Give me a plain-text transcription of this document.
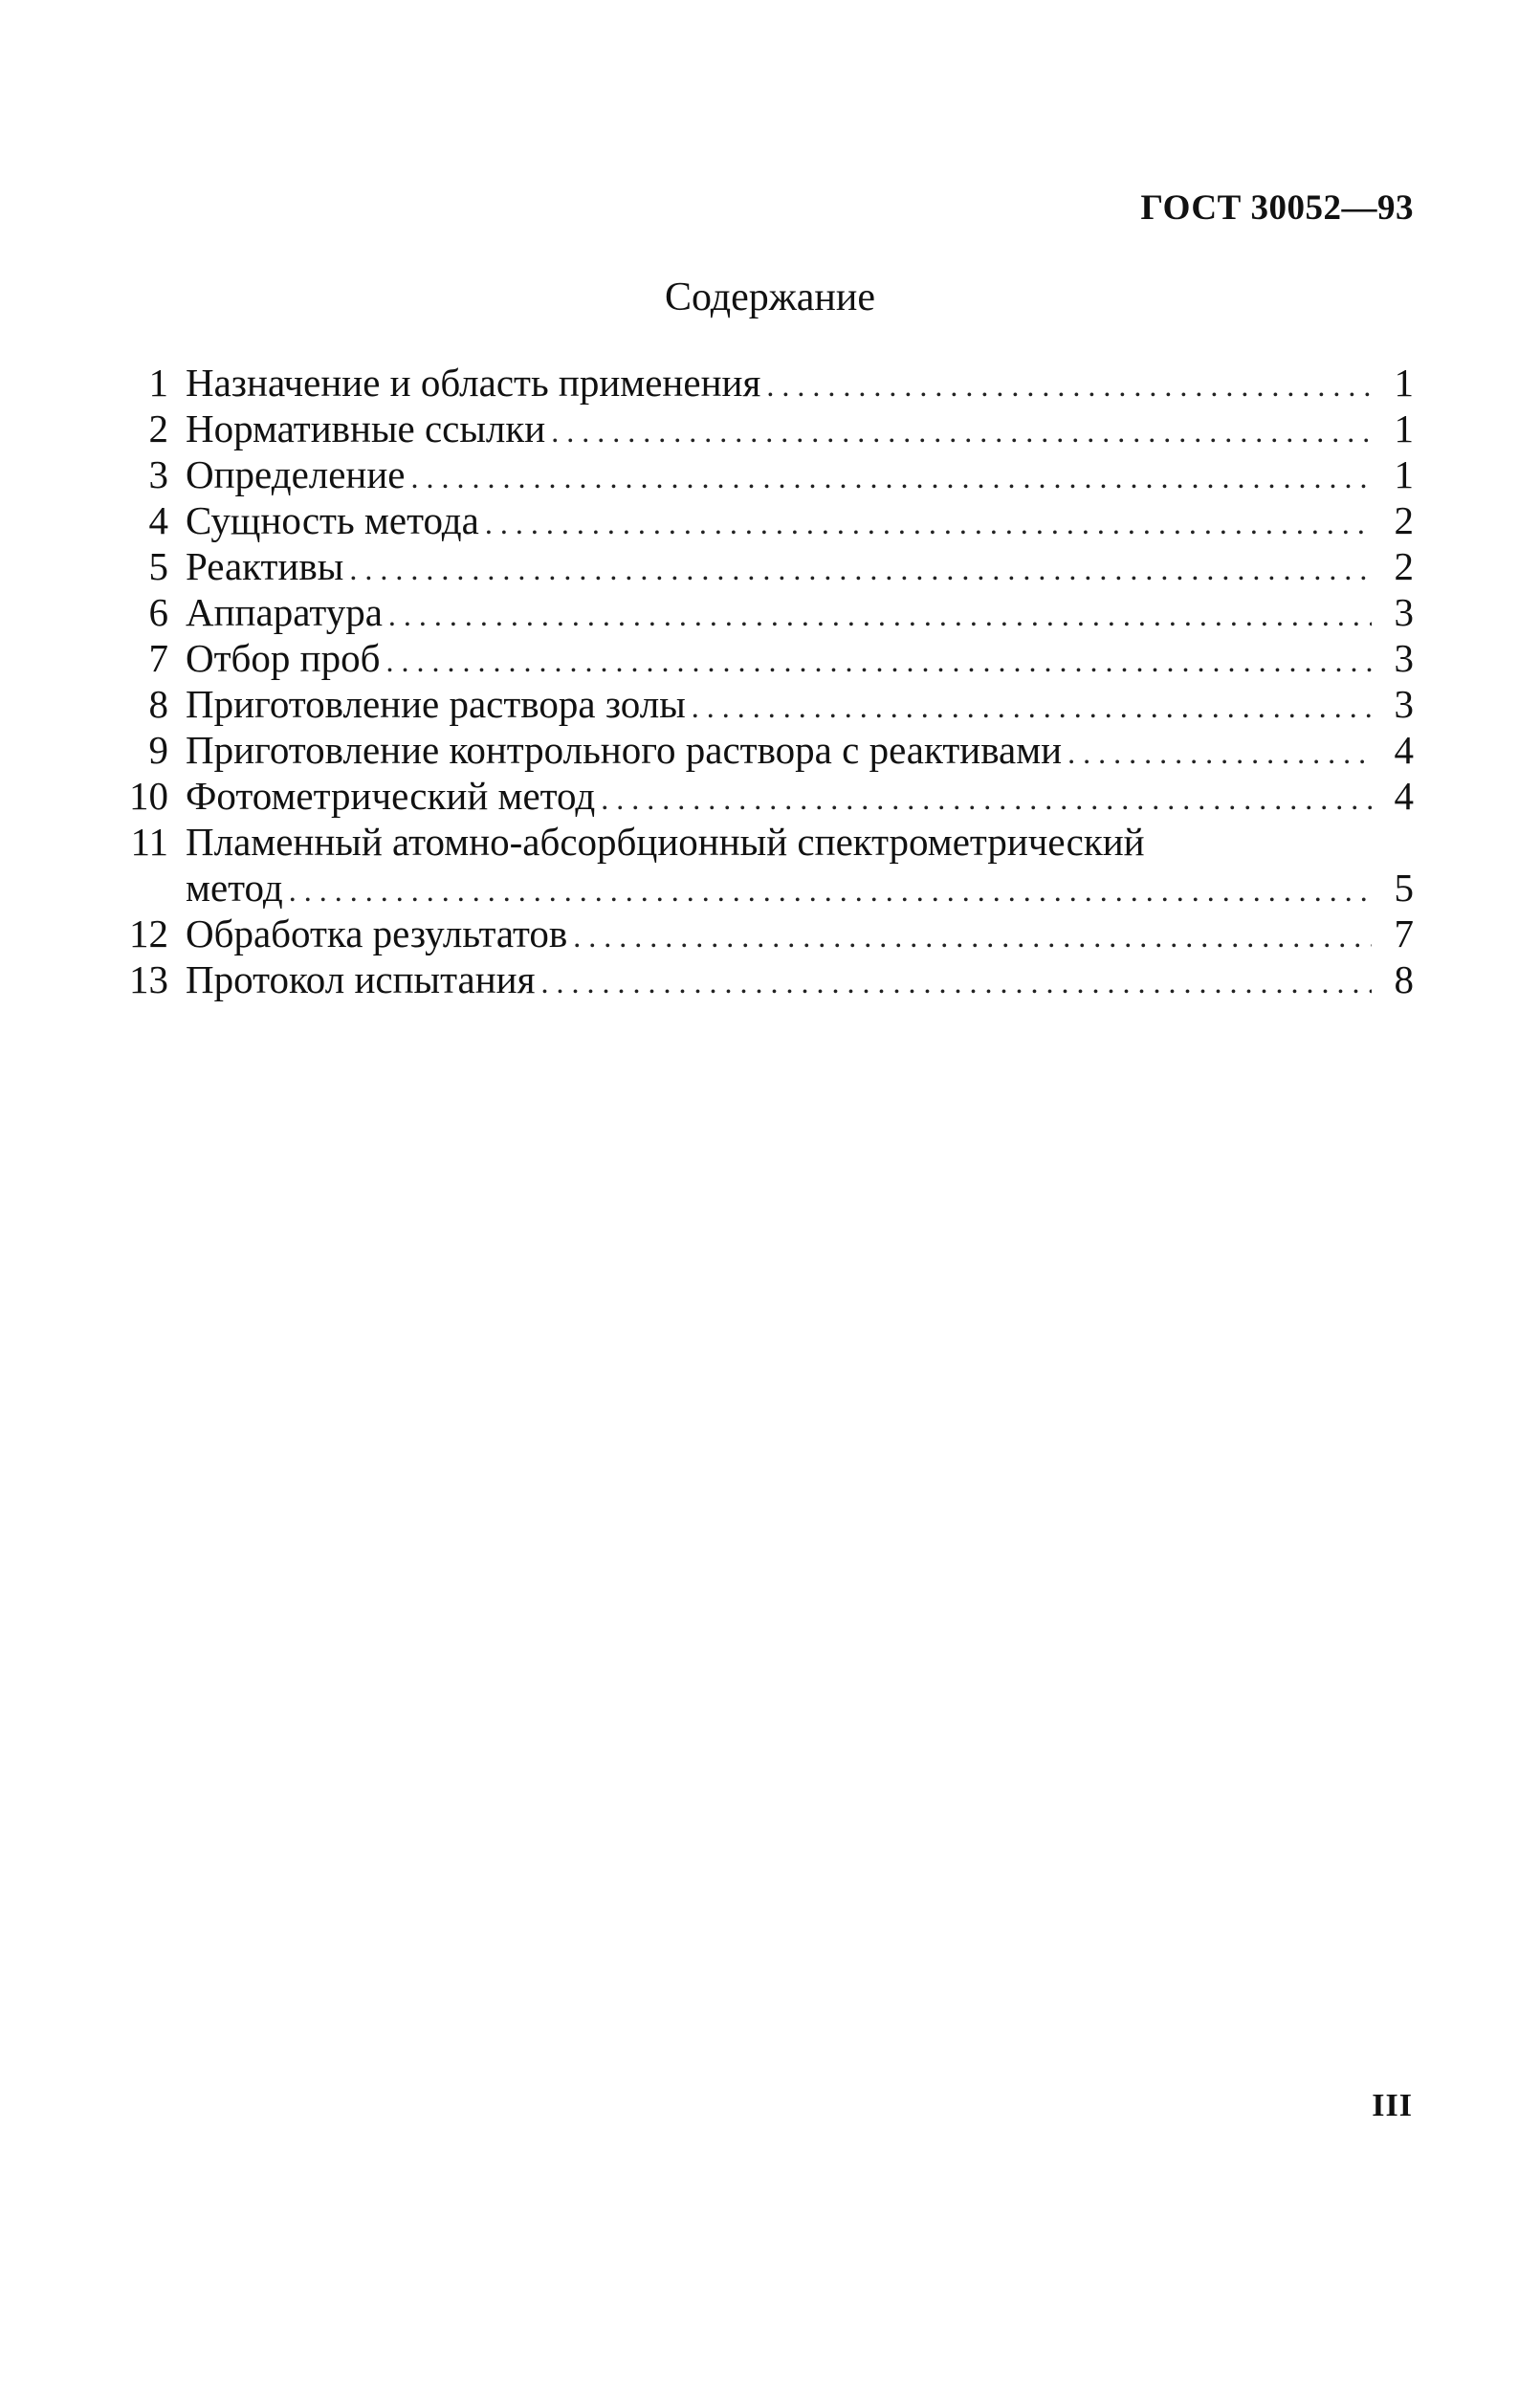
ГОСТ 30052—93
Содержание
1 Назначение и область применения . . .	1
2 Нормативные ссылки . . .	1
3 Определение . . .	1
4 Сущность метода . . .	2
5 Реактивы . . .	2
6 Аппаратура . . .	3
7 Отбор проб . . .	3
8 Приготовление раствора золы . . .	3
9 Приготовление контрольного раствора с реактивами . . .	4
10 Фотометрический метод . . .	4
11 Пламенный атомно-абсорбционный спектрометрический
метод . . .	5
12 Обработка результатов . . .	7
13 Протокол испытания . . .	8
III
